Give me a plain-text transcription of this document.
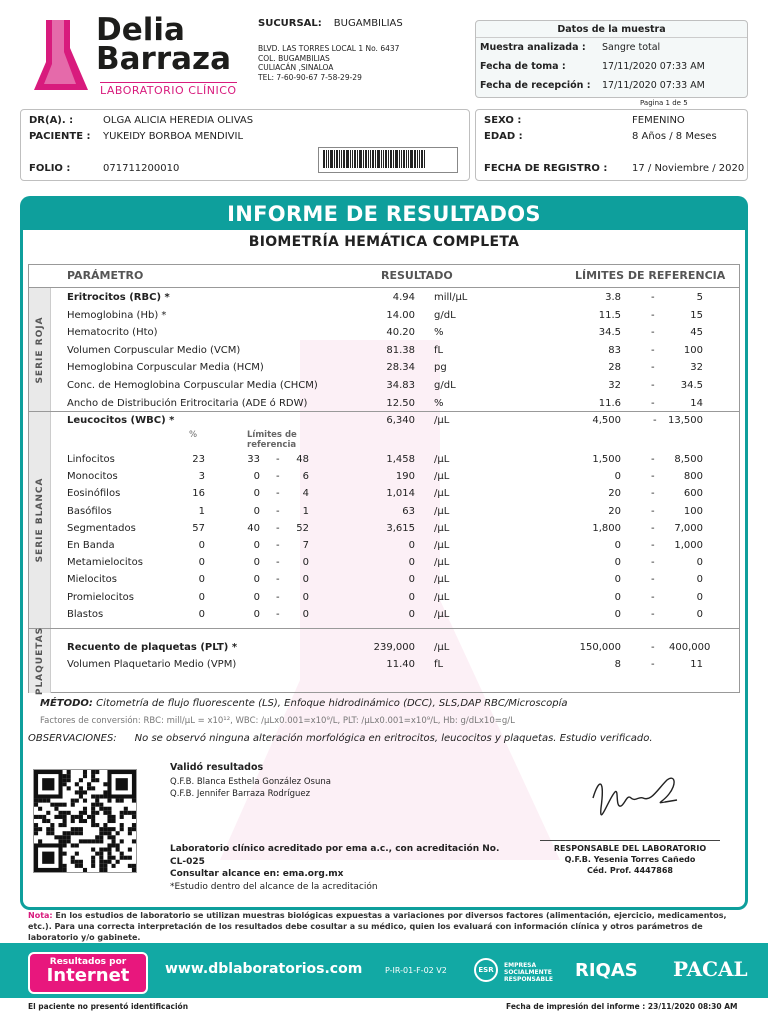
Delia
Barraza
LABORATORIO CLÍNICO
SUCURSAL: BUGAMBILIAS
BLVD. LAS TORRES LOCAL 1 No. 6437
COL. BUGAMBILIAS
CULIACÁN ,SINALOA
TEL: 7-60-90-67 7-58-29-29
Datos de la muestra
Muestra analizada :	Sangre total
Fecha de toma :	17/11/2020 07:33 AM
Fecha de recepción :	17/11/2020 07:33 AM
Pagina 1 de 5
DR(A). :	OLGA ALICIA HEREDIA OLIVAS
PACIENTE :	YUKEIDY BORBOA MENDIVIL
FOLIO :	071711200010
SEXO :	FEMENINO
EDAD :	8 Años / 8 Meses
FECHA DE REGISTRO :	17 / Noviembre / 2020
INFORME DE RESULTADOS
BIOMETRÍA HEMÁTICA COMPLETA
PARÁMETRO	RESULTADO	LÍMITES DE REFERENCIA
SERIE ROJA
SERIE BLANCA
PLAQUETAS
Eritrocitos (RBC) *	4.94 mill/µL	3.8	-	5
Hemoglobina (Hb) *	14.00 g/dL	11.5	-	15
Hematocrito (Hto)	40.20 %	34.5	-	45
Volumen Corpuscular Medio (VCM)	81.38 fL	83	-	100
Hemoglobina Corpuscular Media (HCM)	28.34 pg	28	-	32
Conc. de Hemoglobina Corpuscular Media (CHCM)	34.83 g/dL	32	-	34.5
Ancho de Distribución Eritrocitaria (ADE ó RDW)	12.50 %	11.6	-	14
Leucocitos (WBC) *	6,340 /µL	4,500	-	13,500
%	Límites de
referencia
Linfocitos	23	33 -	48	1,458 /µL	1,500	-	8,500
Monocitos	3	0 -	6	190 /µL	0	-	800
Eosinófilos	16	0 -	4	1,014 /µL	20	-	600
Basófilos	1	0 -	1	63 /µL	20	-	100
Segmentados	57	40 -	52	3,615 /µL	1,800	-	7,000
En Banda	0	0 -	7	0 /µL	0	-	1,000
Metamielocitos	0	0 -	0	0 /µL	0	-	0
Mielocitos	0	0 -	0	0 /µL	0	-	0
Promielocitos	0	0 -	0	0 /µL	0	-	0
Blastos	0	0 -	0	0 /µL	0	-	0
Recuento de plaquetas (PLT) *	239,000 /µL	150,000	- 400,000
Volumen Plaquetario Medio (VPM)	11.40 fL	8	-	11
MÉTODO: Citometría de flujo fluorescente (LS), Enfoque hidrodinámico (DCC), SLS,DAP RBC/Microscopía
Factores de conversión: RBC: mill/µL = x10¹², WBC: /µLx0.001=x10⁹/L, PLT: /µLx0.001=x10⁹/L, Hb: g/dLx10=g/L
OBSERVACIONES: No se observó ninguna alteración morfológica en eritrocitos, leucocitos y plaquetas. Estudio verificado.
Validó resultados
Q.F.B. Blanca Esthela González Osuna
Q.F.B. Jennifer Barraza Rodríguez
Laboratorio clínico acreditado por ema a.c., con acreditación No.
CL-025
Consultar alcance en: ema.org.mx
*Estudio dentro del alcance de la acreditación
RESPONSABLE DEL LABORATORIO
Q.F.B. Yesenia Torres Cañedo
Céd. Prof. 4447868
Nota: En los estudios de laboratorio se utilizan muestras biológicas expuestas a variaciones por diversos factores (alimentación, ejercicio, medicamentos, etc.). Para una correcta interpretación de los resultados debe cosultar a su médico, quien los evaluará con información clínica y otros parámetros de laboratorio y/o gabinete.
Resultados por
Internet	www.dblaboratorios.com	P-IR-01-F-02 V2	ESR
EMPRESA
SOCIALMENTE
RESPONSABLE RIQAS PACAL
El paciente no presentó identificación	Fecha de impresión del informe : 23/11/2020 08:30 AM
